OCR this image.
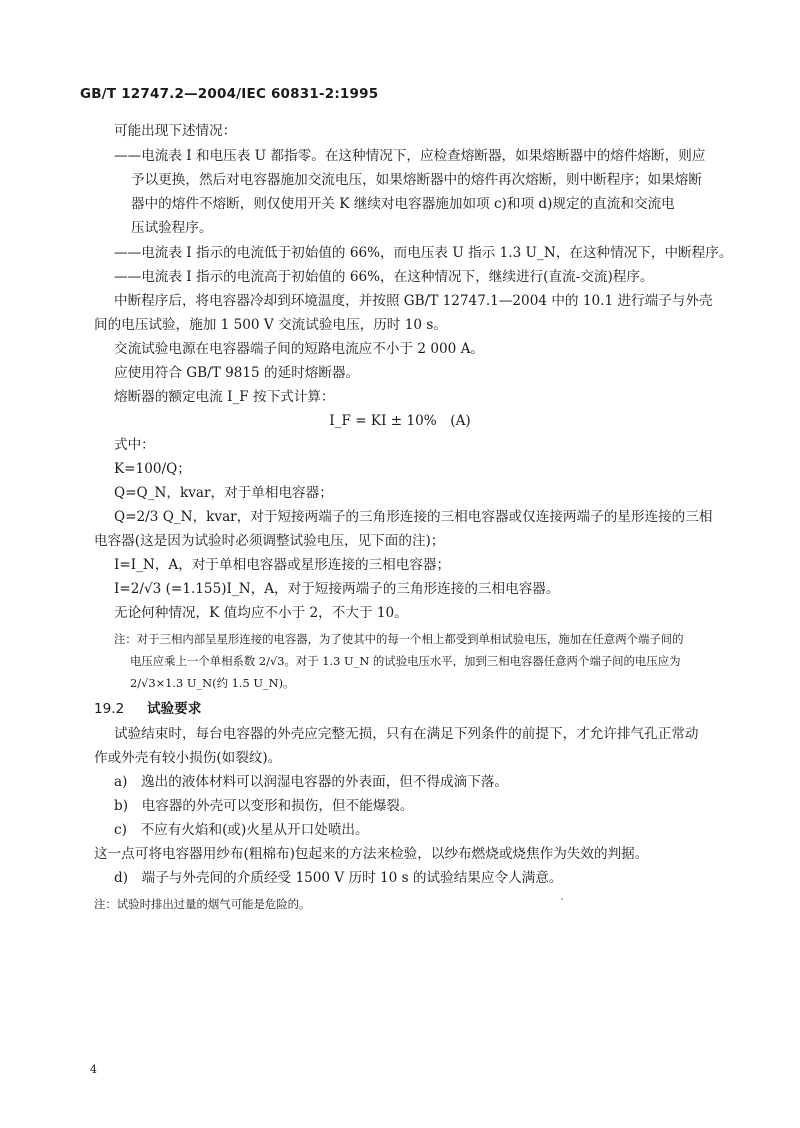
GB/T 12747.2—2004/IEC 60831-2:1995
可能出现下述情况：
——电流表 I 和电压表 U 都指零。在这种情况下，应检查熔断器，如果熔断器中的熔件熔断，则应
予以更换，然后对电容器施加交流电压，如果熔断器中的熔件再次熔断，则中断程序；如果熔断
器中的熔件不熔断，则仅使用开关 K 继续对电容器施加如项 c)和项 d)规定的直流和交流电
压试验程序。
——电流表 I 指示的电流低于初始值的 66%，而电压表 U 指示 1.3 U_N，在这种情况下，中断程序。
——电流表 I 指示的电流高于初始值的 66%，在这种情况下，继续进行(直流-交流)程序。
中断程序后，将电容器冷却到环境温度，并按照 GB/T 12747.1—2004 中的 10.1 进行端子与外壳
间的电压试验，施加 1 500 V 交流试验电压，历时 10 s。
交流试验电源在电容器端子间的短路电流应不小于 2 000 A。
应使用符合 GB/T 9815 的延时熔断器。
熔断器的额定电流 I_F 按下式计算：
I_F = KI ± 10%　(A)
式中：
K=100/Q；
Q=Q_N，kvar，对于单相电容器；
Q=2/3 Q_N，kvar，对于短接两端子的三角形连接的三相电容器或仅连接两端子的星形连接的三相
电容器(这是因为试验时必须调整试验电压，见下面的注)；
I=I_N，A，对于单相电容器或星形连接的三相电容器；
I=2/√3 (=1.155)I_N，A，对于短接两端子的三角形连接的三相电容器。
无论何种情况，K 值均应不小于 2，不大于 10。
注：对于三相内部呈星形连接的电容器，为了使其中的每一个相上都受到单相试验电压，施加在任意两个端子间的
电压应乘上一个单相系数 2/√3。对于 1.3 U_N 的试验电压水平，加到三相电容器任意两个端子间的电压应为
2/√3×1.3 U_N(约 1.5 U_N)。
19.2 试验要求
试验结束时，每台电容器的外壳应完整无损，只有在满足下列条件的前提下，才允许排气孔正常动
作或外壳有较小损伤(如裂纹)。
a)　逸出的液体材料可以润湿电容器的外表面，但不得成滴下落。
b)　电容器的外壳可以变形和损伤，但不能爆裂。
c)　不应有火焰和(或)火星从开口处喷出。
这一点可将电容器用纱布(粗棉布)包起来的方法来检验，以纱布燃烧或烧焦作为失效的判据。
d)　端子与外壳间的介质经受 1500 V 历时 10 s 的试验结果应令人满意。
注：试验时排出过量的烟气可能是危险的。
4
